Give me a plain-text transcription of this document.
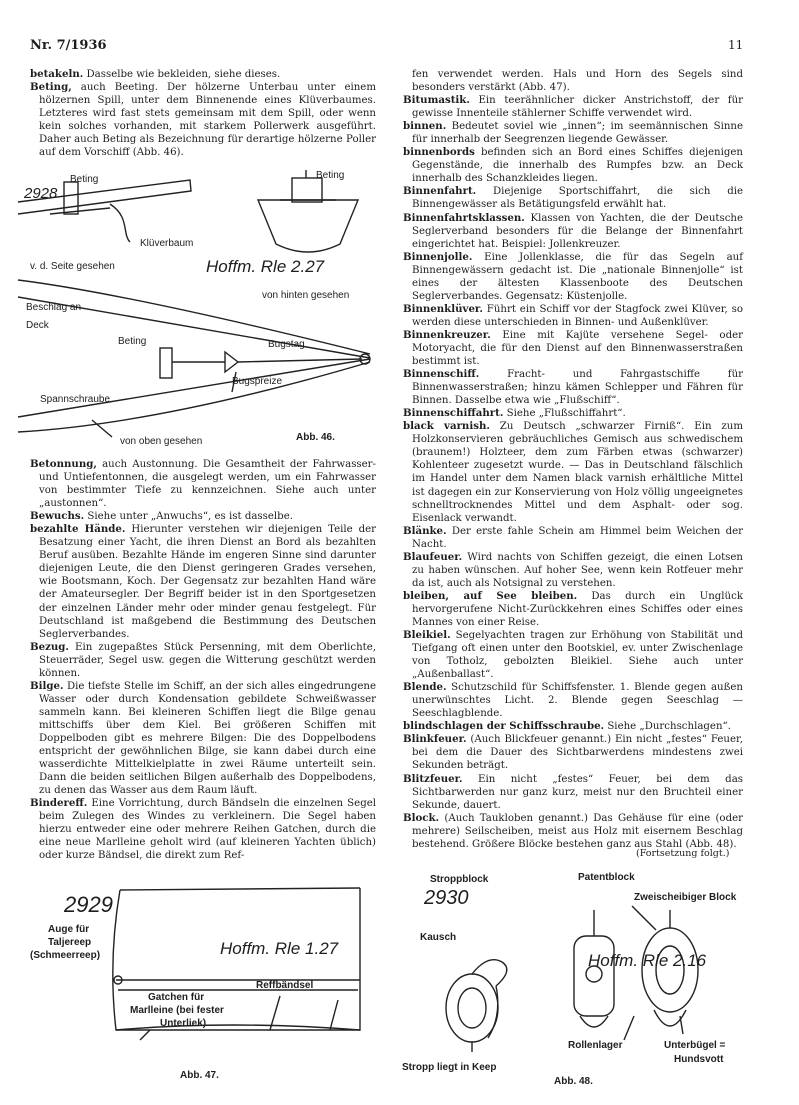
Nr. 7/1936	11

betakeln. Dasselbe wie bekleiden, siehe dieses.

Beting, auch Beeting. Der hölzerne Unterbau unter einem hölzernen Spill, unter dem Binnenende eines Klüverbaumes. Letzteres wird fast stets gemeinsam mit dem Spill, oder wenn kein solches vorhanden, mit starkem Pollerwerk ausgeführt. Daher auch Beting als Bezeichnung für derartige hölzerne Poller auf dem Vorschiff (Abb. 46).

Beting
Klüverbaum
v. d. Seite gesehen
Beting
von hinten gesehen
Beschlag an
Deck
Beting	Bugstag
Bugspreize
Spannschraube
von oben gesehen
2928
Hoffm. Rle 2.27
Abb. 46.

Betonnung, auch Austonnung. Die Gesamtheit der Fahrwasser- und Untiefentonnen, die ausgelegt werden, um ein Fahrwasser von bestimmter Tiefe zu kennzeichnen. Siehe auch unter „austonnen“.

Bewuchs. Siehe unter „Anwuchs“, es ist dasselbe.

bezahlte Hände. Hierunter verstehen wir diejenigen Teile der Besatzung einer Yacht, die ihren Dienst an Bord als bezahlten Beruf ausüben. Bezahlte Hände im engeren Sinne sind darunter diejenigen Leute, die den Dienst geringeren Grades versehen, wie Bootsmann, Koch. Der Gegensatz zur bezahlten Hand wäre der Amateursegler. Der Begriff beider ist in den Sportgesetzen der einzelnen Länder mehr oder minder genau festgelegt. Für Deutschland ist maßgebend die Bestimmung des Deutschen Seglerverbandes.

Bezug. Ein zugepaßtes Stück Persenning, mit dem Oberlichte, Steuerräder, Segel usw. gegen die Witterung geschützt werden können.

Bilge. Die tiefste Stelle im Schiff, an der sich alles eingedrungene Wasser oder durch Kondensation gebildete Schweißwasser sammeln kann. Bei kleineren Schiffen liegt die Bilge genau mittschiffs über dem Kiel. Bei größeren Schiffen mit Doppelboden gibt es mehrere Bilgen: Die des Doppelbodens entspricht der gewöhnlichen Bilge, sie kann dabei durch eine wasserdichte Mittelkielplatte in zwei Räume unterteilt sein. Dann die beiden seitlichen Bilgen außerhalb des Doppelbodens, zu denen das Wasser aus dem Raum läuft.

Bindereff. Eine Vorrichtung, durch Bändseln die einzelnen Segel beim Zulegen des Windes zu verkleinern. Die Segel haben hierzu entweder eine oder mehrere Reihen Gatchen, durch die eine neue Marlleine geholt wird (auf kleineren Yachten üblich) oder kurze Bändsel, die direkt zum Ref-

Auge für
Taljereep
(Schmeerreep)
Gatchen für
Marlleine (bei fester
Unterliek)
Reffbändsel
2929
Hoffm. Rle 1.27
Abb. 47.

fen verwendet werden. Hals und Horn des Segels sind besonders verstärkt (Abb. 47).

Bitumastik. Ein teerähnlicher dicker Anstrichstoff, der für gewisse Innenteile stählerner Schiffe verwendet wird.

binnen. Bedeutet soviel wie „innen“; im seemännischen Sinne für innerhalb der Seegrenzen liegende Gewässer.

binnenbords befinden sich an Bord eines Schiffes diejenigen Gegenstände, die innerhalb des Rumpfes bzw. an Deck innerhalb des Schanzkleides liegen.

Binnenfahrt. Diejenige Sportschiffahrt, die sich die Binnengewässer als Betätigungsfeld erwählt hat.

Binnenfahrtsklassen. Klassen von Yachten, die der Deutsche Seglerverband besonders für die Belange der Binnenfahrt eingerichtet hat. Beispiel: Jollenkreuzer.

Binnenjolle. Eine Jollenklasse, die für das Segeln auf Binnengewässern gedacht ist. Die „nationale Binnenjolle“ ist eines der ältesten Klassenboote des Deutschen Seglerverbandes. Gegensatz: Küstenjolle.

Binnenklüver. Führt ein Schiff vor der Stagfock zwei Klüver, so werden diese unterschieden in Binnen- und Außenklüver.

Binnenkreuzer. Eine mit Kajüte versehene Segel- oder Motoryacht, die für den Dienst auf den Binnenwasserstraßen bestimmt ist.

Binnenschiff. Fracht- und Fahrgastschiffe für Binnenwasserstraßen; hinzu kämen Schlepper und Fähren für Binnen. Dasselbe etwa wie „Flußschiff“.

Binnenschiffahrt. Siehe „Flußschiffahrt“.

black varnish. Zu Deutsch „schwarzer Firniß“. Ein zum Holzkonservieren gebräuchliches Gemisch aus schwedischem (braunem!) Holzteer, dem zum Färben etwas (schwarzer) Kohlenteer zugesetzt wurde. — Das in Deutschland fälschlich im Handel unter dem Namen black varnish erhältliche Mittel ist dagegen ein zur Konservierung von Holz völlig ungeeignetes schnelltrocknendes Mittel und dem Asphalt- oder sog. Eisenlack verwandt.

Blänke. Der erste fahle Schein am Himmel beim Weichen der Nacht.

Blaufeuer. Wird nachts von Schiffen gezeigt, die einen Lotsen zu haben wünschen. Auf hoher See, wenn kein Rotfeuer mehr da ist, auch als Notsignal zu verstehen.

bleiben, auf See bleiben. Das durch ein Unglück hervorgerufene Nicht-Zurückkehren eines Schiffes oder eines Mannes von einer Reise.

Bleikiel. Segelyachten tragen zur Erhöhung von Stabilität und Tiefgang oft einen unter den Bootskiel, ev. unter Zwischenlage von Totholz, gebolzten Bleikiel. Siehe auch unter „Außenballast“.

Blende. Schutzschild für Schiffsfenster. 1. Blende gegen außen unerwünschtes Licht. 2. Blende gegen Seeschlag — Seeschlagblende.

blindschlagen der Schiffsschraube. Siehe „Durchschlagen“.

Blinkfeuer. (Auch Blickfeuer genannt.) Ein nicht „festes“ Feuer, bei dem die Dauer des Sichtbarwerdens mindestens zwei Sekunden beträgt.

Blitzfeuer. Ein nicht „festes“ Feuer, bei dem das Sichtbarwerden nur ganz kurz, meist nur den Bruchteil einer Sekunde, dauert.

Block. (Auch Taukloben genannt.) Das Gehäuse für eine (oder mehrere) Seilscheiben, meist aus Holz mit eisernem Beschlag bestehend. Größere Blöcke bestehen ganz aus Stahl (Abb. 48).

(Fortsetzung folgt.)
Stroppblock
Kausch
Stropp liegt in Keep
Patentblock
Zweischeibiger Block
Rollenlager	Unterbügel =
Hundsvott
2930
Hoffm. Rle 2.16
Abb. 48.
